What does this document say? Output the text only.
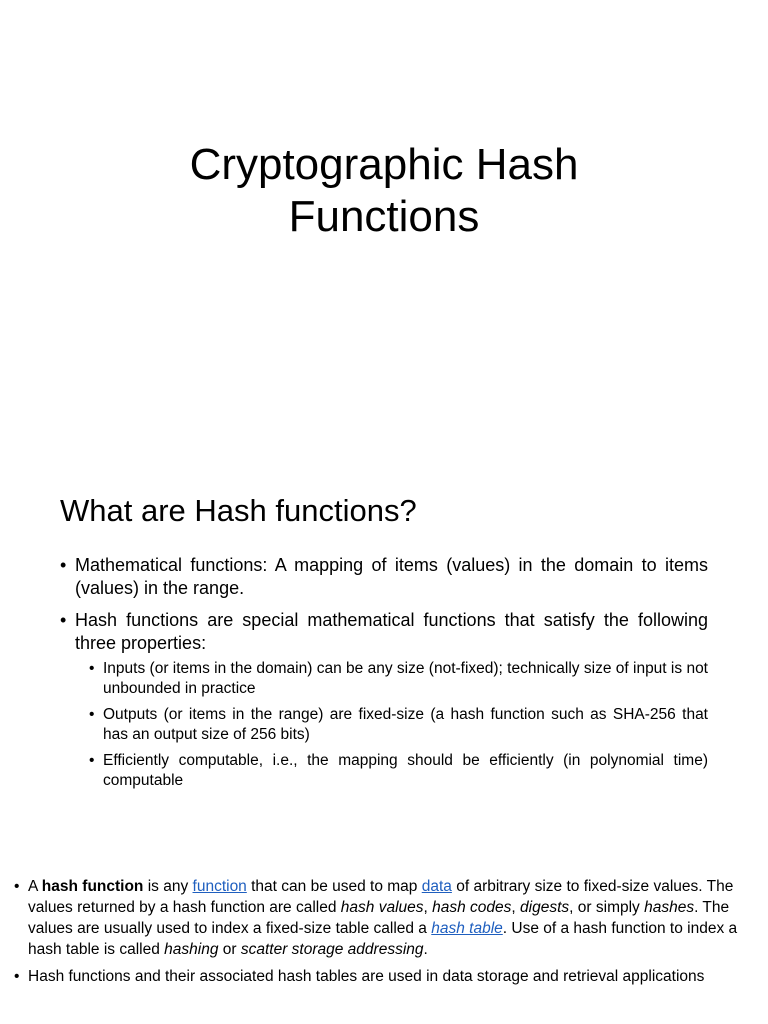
Cryptographic Hash
Functions
What are Hash functions?
• Mathematical functions: A mapping of items (values) in the domain to items (values) in the range.
• Hash functions are special mathematical functions that satisfy the following three properties:
• Inputs (or items in the domain) can be any size (not-fixed); technically size of input is not unbounded in practice
• Outputs (or items in the range) are fixed-size (a hash function such as SHA-256 that has an output size of 256 bits)
• Efficiently computable, i.e., the mapping should be efficiently (in polynomial time) computable
• A hash function is any function that can be used to map data of arbitrary size to fixed-size values. The values returned by a hash function are called hash values, hash codes, digests, or simply hashes. The values are usually used to index a fixed-size table called a hash table. Use of a hash function to index a hash table is called hashing or scatter storage addressing.
• Hash functions and their associated hash tables are used in data storage and retrieval applications
